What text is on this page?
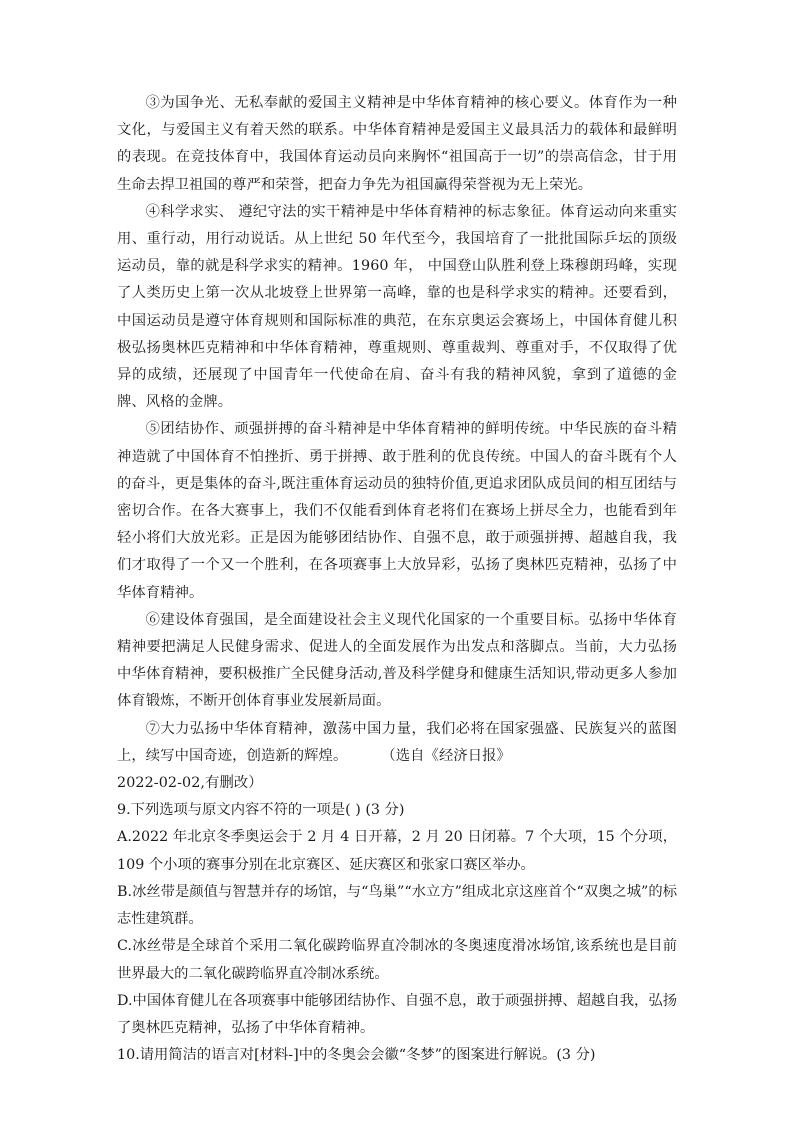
③为国争光、无私奉献的爱国主义精神是中华体育精神的核心要义。体育作为一种文化，与爱国主义有着天然的联系。中华体育精神是爱国主义最具活力的载体和最鲜明的表现。在竞技体育中，我国体育运动员向来胸怀“祖国高于一切”的崇高信念，甘于用生命去捍卫祖国的尊严和荣誉，把奋力争先为祖国赢得荣誉视为无上荣光。

④科学求实、 遵纪守法的实干精神是中华体育精神的标志象征。体育运动向来重实用、重行动，用行动说话。从上世纪 50 年代至今，我国培育了一批批国际乒坛的顶级运动员，靠的就是科学求实的精神。1960 年， 中国登山队胜利登上珠穆朗玛峰，实现了人类历史上第一次从北坡登上世界第一高峰，靠的也是科学求实的精神。还要看到，中国运动员是遵守体育规则和国际标准的典范，在东京奥运会赛场上，中国体育健儿积极弘扬奥林匹克精神和中华体育精神，尊重规则、尊重裁判、尊重对手，不仅取得了优异的成绩，还展现了中国青年一代使命在肩、奋斗有我的精神风貌，拿到了道德的金牌、风格的金牌。

⑤团结协作、顽强拼搏的奋斗精神是中华体育精神的鲜明传统。中华民族的奋斗精神造就了中国体育不怕挫折、勇于拼搏、敢于胜利的优良传统。中国人的奋斗既有个人的奋斗，更是集体的奋斗,既注重体育运动员的独特价值,更追求团队成员间的相互团结与密切合作。在各大赛事上，我们不仅能看到体育老将们在赛场上拼尽全力，也能看到年轻小将们大放光彩。正是因为能够团结协作、自强不息，敢于顽强拼搏、超越自我，我们才取得了一个又一个胜利，在各项赛事上大放异彩，弘扬了奥林匹克精神，弘扬了中华体育精神。

⑥建设体育强国，是全面建设社会主义现代化国家的一个重要目标。弘扬中华体育精神要把满足人民健身需求、促进人的全面发展作为出发点和落脚点。当前，大力弘扬中华体育精神，要积极推广全民健身活动,普及科学健身和健康生活知识,带动更多人参加体育锻炼，不断开创体育事业发展新局面。

⑦大力弘扬中华体育精神，激荡中国力量，我们必将在国家强盛、民族复兴的蓝图上，续写中国奇迹，创造新的辉煌。 （选自《经济日报》

2022-02-02,有删改）

9.下列选项与原文内容不符的一项是( ) (3 分)

A.2022 年北京冬季奥运会于 2 月 4 日开幕，2 月 20 日闭幕。7 个大项，15 个分项，109 个小项的赛事分别在北京赛区、延庆赛区和张家口赛区举办。

B.冰丝带是颜值与智慧并存的场馆，与“鸟巢”“水立方”组成北京这座首个“双奥之城”的标志性建筑群。

C.冰丝带是全球首个采用二氧化碳跨临界直冷制冰的冬奥速度滑冰场馆,该系统也是目前世界最大的二氧化碳跨临界直冷制冰系统。

D.中国体育健儿在各项赛事中能够团结协作、自强不息，敢于顽强拼搏、超越自我，弘扬了奥林匹克精神，弘扬了中华体育精神。

10.请用简洁的语言对[材料-]中的冬奥会会徽“冬梦”的图案进行解说。(3 分)
